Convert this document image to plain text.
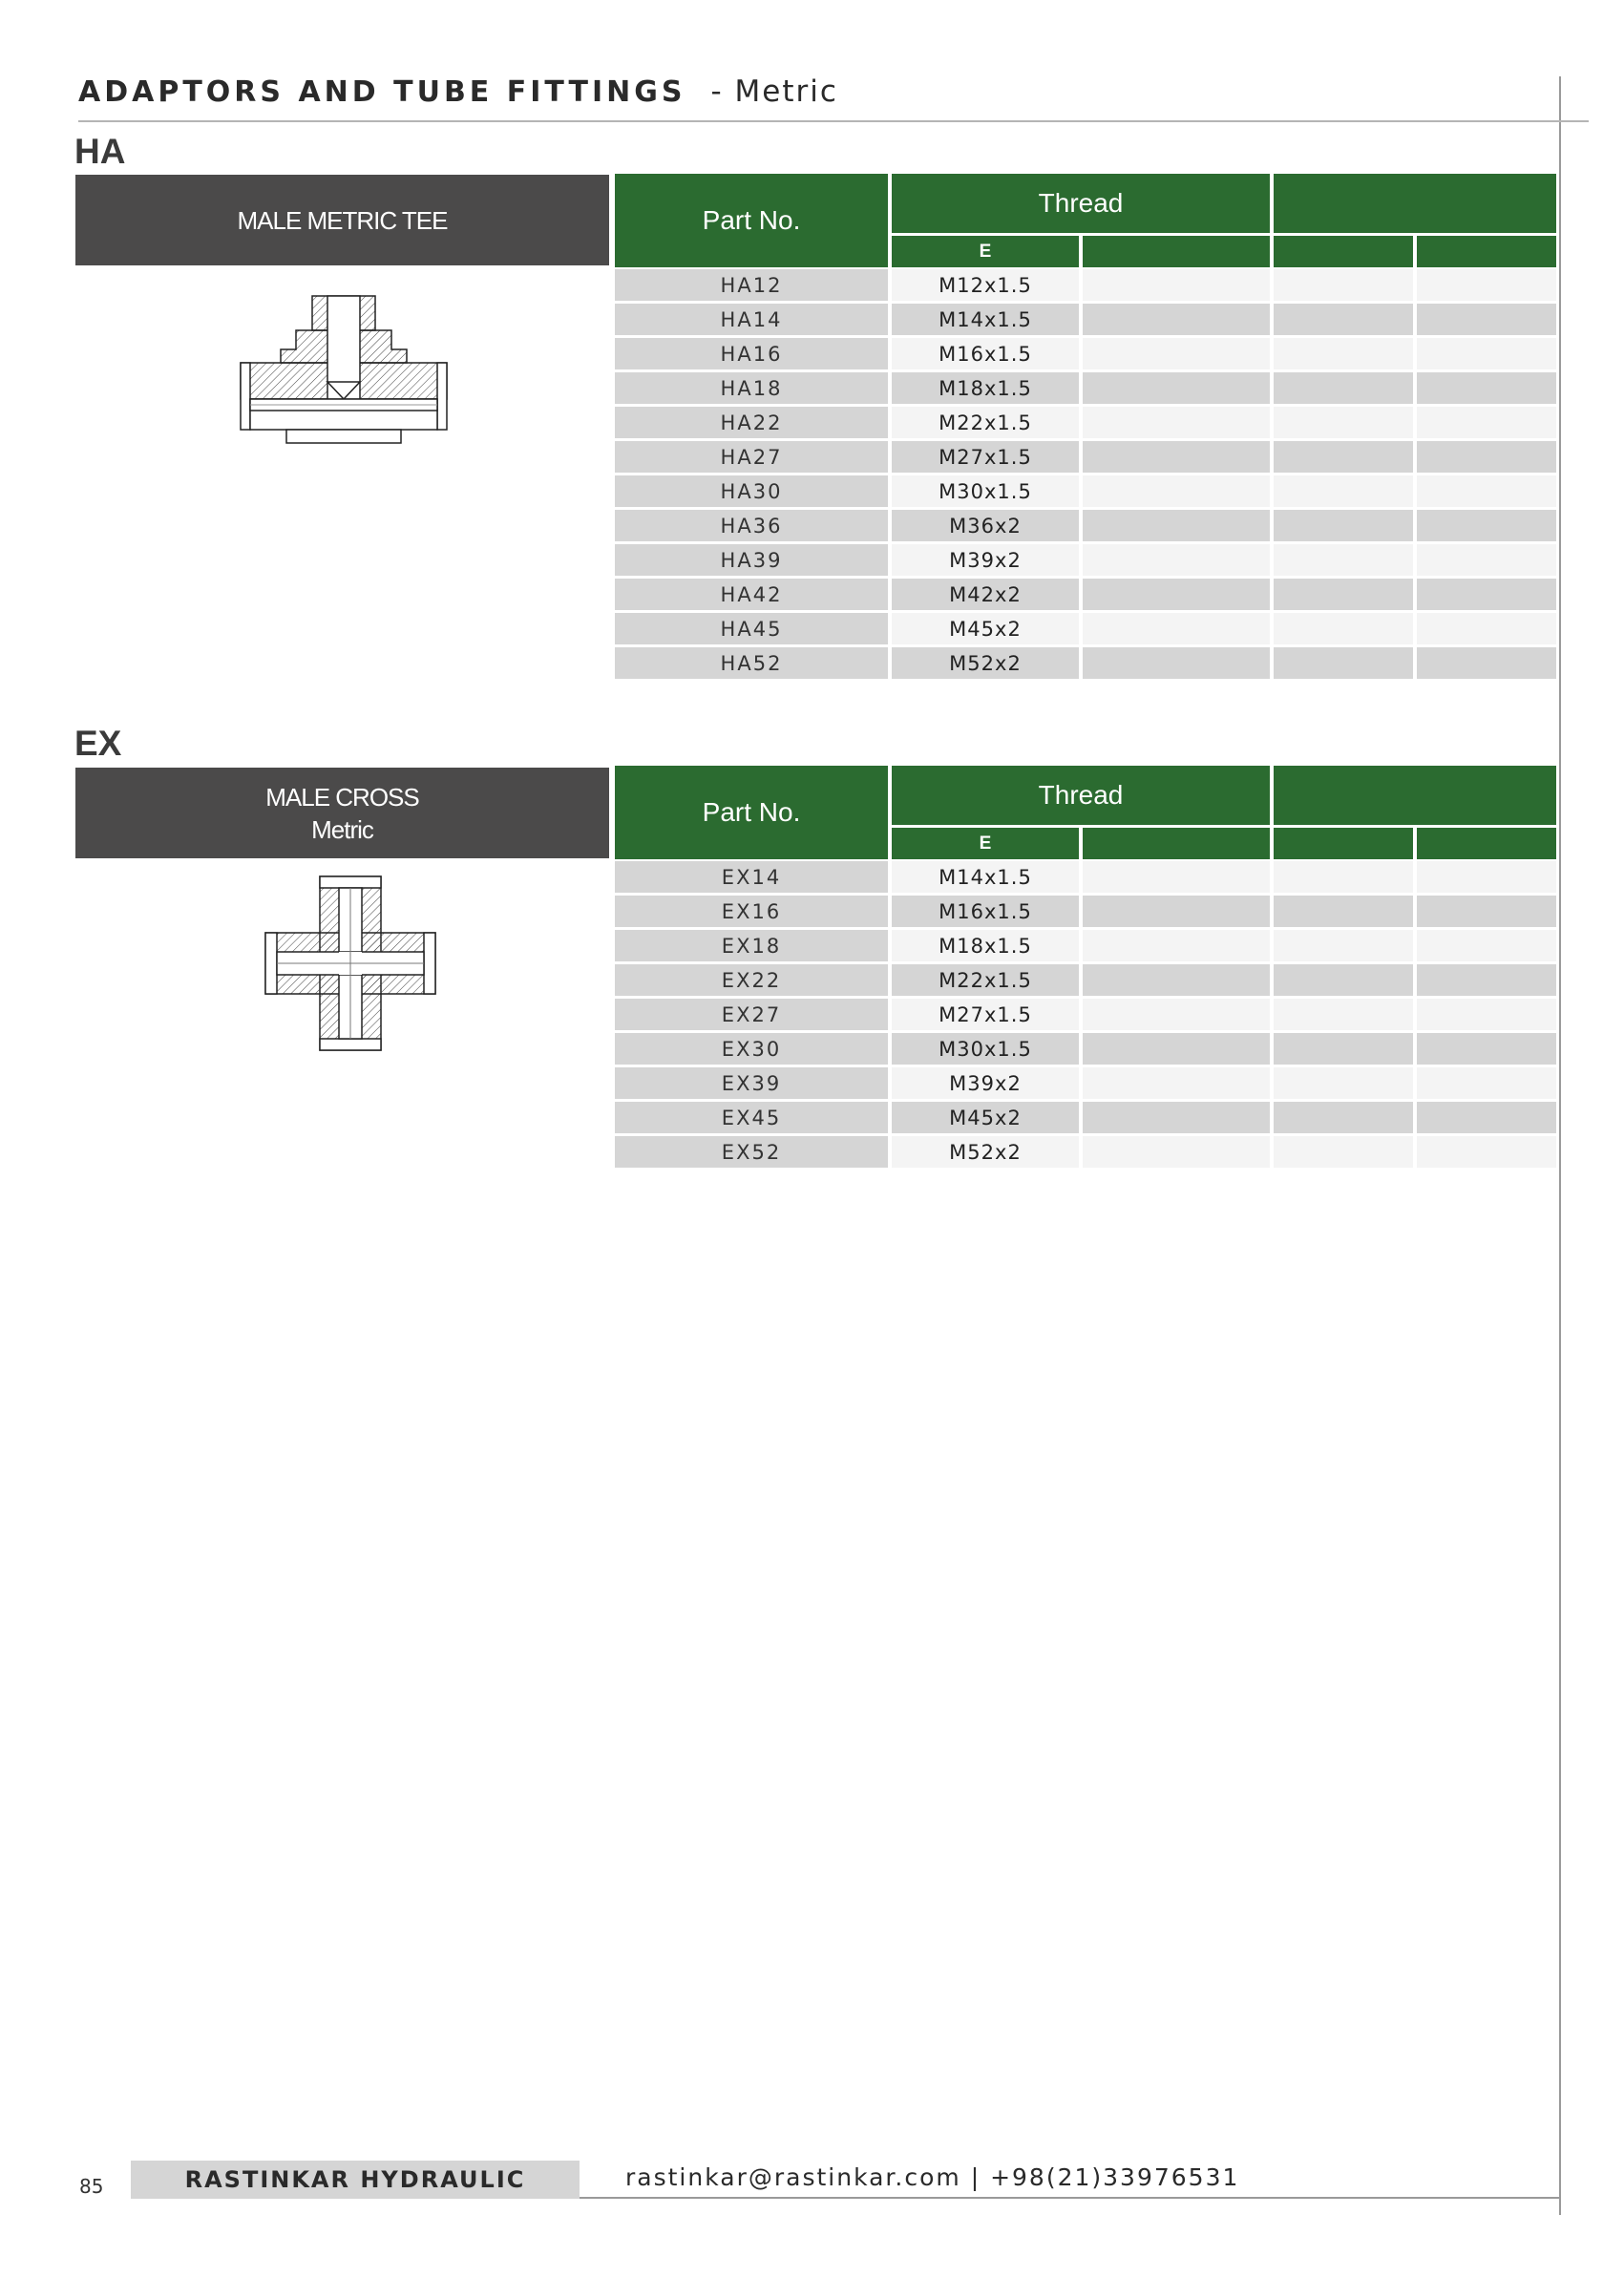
ADAPTORS AND TUBE FITTINGS - Metric
HA
MALE METRIC TEE	Part No.
Thread
E
HA12	M12x1.5
HA14	M14x1.5
HA16	M16x1.5
HA18	M18x1.5
HA22	M22x1.5
HA27	M27x1.5
HA30	M30x1.5
HA36	M36x2
HA39	M39x2
HA42	M42x2
HA45	M45x2
HA52	M52x2
EX
MALE CROSS
Metric
Part No.
Thread
E
EX14	M14x1.5
EX16	M16x1.5
EX18	M18x1.5
EX22	M22x1.5
EX27	M27x1.5
EX30	M30x1.5
EX39	M39x2
EX45	M45x2
EX52	M52x2
85	RASTINKAR HYDRAULIC	rastinkar@rastinkar.com | +98(21)33976531
